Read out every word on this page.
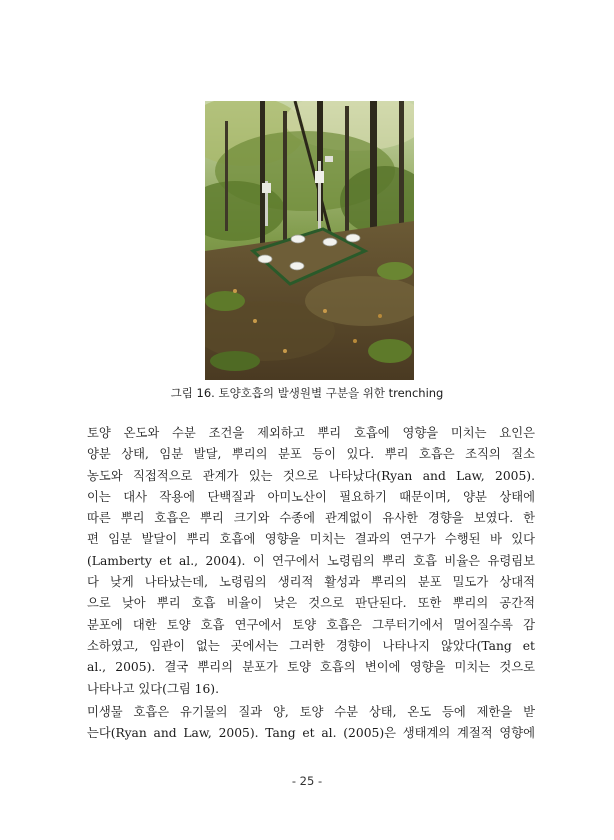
그림 16. 토양호흡의 발생원별 구분을 위한 trenching
토양 온도와 수분 조건을 제외하고 뿌리 호흡에 영향을 미치는 요인은
양분 상태, 임분 발달, 뿌리의 분포 등이 있다. 뿌리 호흡은 조직의 질소
농도와 직접적으로 관계가 있는 것으로 나타났다(Ryan and Law, 2005).
이는 대사 작용에 단백질과 아미노산이 필요하기 때문이며, 양분 상태에
따른 뿌리 호흡은 뿌리 크기와 수종에 관계없이 유사한 경향을 보였다. 한
편 임분 발달이 뿌리 호흡에 영향을 미치는 결과의 연구가 수행된 바 있다
(Lamberty et al., 2004). 이 연구에서 노령림의 뿌리 호흡 비율은 유령림보
다 낮게 나타났는데, 노령림의 생리적 활성과 뿌리의 분포 밀도가 상대적
으로 낮아 뿌리 호흡 비율이 낮은 것으로 판단된다. 또한 뿌리의 공간적
분포에 대한 토양 호흡 연구에서 토양 호흡은 그루터기에서 멀어질수록 감
소하였고, 임관이 없는 곳에서는 그러한 경향이 나타나지 않았다(Tang et
al., 2005). 결국 뿌리의 분포가 토양 호흡의 변이에 영향을 미치는 것으로
나타나고 있다(그림 16).
미생물 호흡은 유기물의 질과 양, 토양 수분 상태, 온도 등에 제한을 받
는다(Ryan and Law, 2005). Tang et al. (2005)은 생태계의 계절적 영향에
- 25 -
